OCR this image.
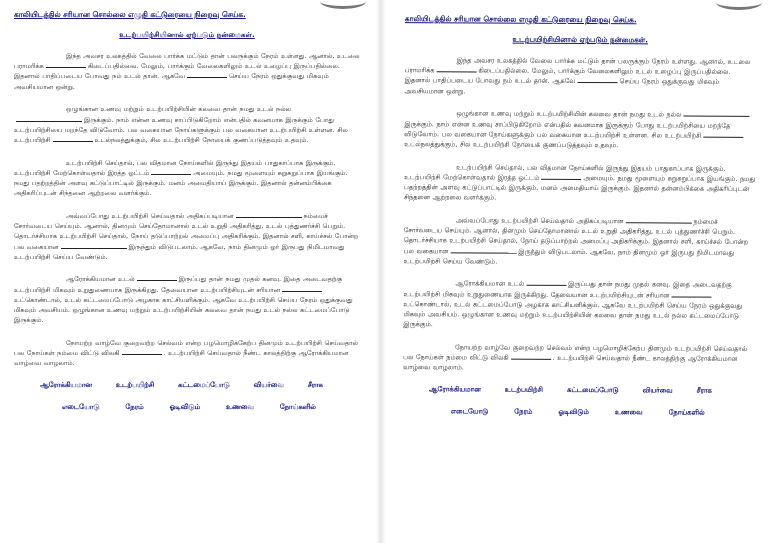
காலியிடத்தில் சரியான சொல்லை எழுதி கட்டுரையை நிறைவு செய்க.
உடற்பயிற்சியினால் ஏற்படும் நன்மைகள்.

இந்த அவசர உலகத்தில் வேலை பார்க்க மட்டும் தான் பலருக்கும் நேரம் உள்ளது. ஆனால், உடலை பராமரிக்க	கிடைப்பதில்லை. மேலும், பார்க்கும் வேலைகளிலும் உடல் உழைப்பு இருப்பதில்லை. இதனால் பாதிப்படைய போவது நம் உடல் தான். ஆகவே	செய்ய நேரம் ஒதுக்குவது மிகவும் அவசியமான ஒன்று.

ஒழுங்கான உணவு மற்றும் உடற்பயிற்சியின் கலவை தான் நமது உடல் நல்லஇருக்கும். நாம் என்ன உணவு சாப்பிடுகிறோம் என்பதில் கவனமாக இருக்கும் போது உடற்பயிற்சியை மறந்தே விடுவோம். பல வகையான நோய்களுக்கும் பல வகையான உடற்பயிற்சி உள்ளன. சில உடற்பயிற்சி	உடல்நலத்துக்கும், சில உடற்பயிற்சி நோயைக் குணப்படுத்தவும் உதவும்.

உடற்பயிற்சி செய்தால், பல விதமான நோய்களில் இருந்து இதயம் பாதுகாப்பாக இருக்கும். உடற்பயிற்சி மேற்கொள்வதால் இரத்த ஓட்டம்	அமையும். நமது மூளையும் சுறுசுறுப்பாக இயங்கும். நமது பதற்றத்தின் அளவு கட்டுப்பாட்டில் இருக்கும். மனம் அமைதியாய் இருக்கும். இதனால் தன்னம்பிக்கை அதிகரிப்புடன் சிந்தனை ஆற்றலை வளர்க்கும்.

அவ்வப்போது உடற்பயிற்சி செய்வதால் அதிகப்படியான	நம்மைச் சோர்வடைய செய்யும். ஆனால், தினமும் செய்தோமானால் உடல் உறுதி அதிகரித்து, உடல் புத்துணர்ச்சி பெறும். தொடர்ச்சியாக உடற்பயிற்சி செய்தால், நோய் தடுப்பாற்றல் அமைப்பு அதிகரிக்கும். இதனால் சளி, காய்ச்சல் போன்ற பல வகையான	இருந்தும் விடுபடலாம். ஆகவே, நாம் தினமும் ஓர் இருபது நிமிடமாவது உடற்பயிற்சி செய்ய வேண்டும்.

ஆரோக்கியமான உடல்	இருப்பது தான் நமது முதல் கனவு. இதை அடைவதற்கு உடற்பயிற்சி மிகவும் உறுதுணையாக இருக்கிறது. தேவையான உடற்பயிற்சியுடன் சரியானஉட்கொண்டால், உடல் கட்டமைப்போடு அழகாக காட்சியளிக்கும். ஆகவே உடற்பயிற்சி செய்ய நேரம் ஒதுக்குவது மிகவும் அவசியம். ஒழுங்கான உணவு மற்றும் உடற்பயிற்சியின் கலவை தான் நமது உடல் நல்ல கட்டமைப்போடு இருக்கும்.

நோயற்ற வாழ்வே குறைவற்ற செல்வம் என்ற பழமொழிக்கேற்ப தினமும் உடற்பயிற்சி செய்வதால் பல நோய்கள் நம்மை விட்டு விலகி	. உடற்பயிற்சி செய்வதால் நீண்ட காலத்திற்கு ஆரோக்கியமான வாழ்வை வாழலாம்.

ஆரோக்கியமான	உடற்பயிற்சி	கட்டமைப்போடு	வியர்வை	சீராக
எடையோடு	நேரம்	ஓடிவிடும்	உணவை	நோய்களில்
காலியிடத்தில் சரியான சொல்லை எழுதி கட்டுரையை நிறைவு செய்க.
உடற்பயிற்சியினால் ஏற்படும் நன்மைகள்.

இந்த அவசர உலகத்தில் வேலை பார்க்க மட்டும் தான் பலருக்கும் நேரம் உள்ளது. ஆனால், உடலை பராமரிக்க	கிடைப்பதில்லை. மேலும், பார்க்கும் வேலைகளிலும் உடல் உழைப்பு இருப்பதில்லை. இதனால் பாதிப்படைய போவது நம் உடல் தான். ஆகவே	செய்ய நேரம் ஒதுக்குவது மிகவும் அவசியமான ஒன்று.

ஒழுங்கான உணவு மற்றும் உடற்பயிற்சியின் கலவை தான் நமது உடல் நல்லஇருக்கும். நாம் என்ன உணவு சாப்பிடுகிறோம் என்பதில் கவனமாக இருக்கும் போது உடற்பயிற்சியை மறந்தே விடுவோம். பல வகையான நோய்களுக்கும் பல வகையான உடற்பயிற்சி உள்ளன. சில உடற்பயிற்சிஉடல்நலத்துக்கும், சில உடற்பயிற்சி நோயைக் குணப்படுத்தவும் உதவும்.

உடற்பயிற்சி செய்தால், பல விதமான நோய்களில் இருந்து இதயம் பாதுகாப்பாக இருக்கும். உடற்பயிற்சி மேற்கொள்வதால் இரத்த ஓட்டம்	அமையும். நமது மூளையும் சுறுசுறுப்பாக இயங்கும். நமது பதற்றத்தின் அளவு கட்டுப்பாட்டில் இருக்கும். மனம் அமைதியாய் இருக்கும். இதனால் தன்னம்பிக்கை அதிகரிப்புடன் சிந்தனை ஆற்றலை வளர்க்கும்.

அவ்வப்போது உடற்பயிற்சி செய்வதால் அதிகப்படியான	நம்மைச் சோர்வடைய செய்யும். ஆனால், தினமும் செய்தோமானால் உடல் உறுதி அதிகரித்து, உடல் புத்துணர்ச்சி பெறும். தொடர்ச்சியாக உடற்பயிற்சி செய்தால், நோய் தடுப்பாற்றல் அமைப்பு அதிகரிக்கும். இதனால் சளி, காய்ச்சல் போன்ற பல வகையான	இருந்தும் விடுபடலாம். ஆகவே, நாம் தினமும் ஓர் இருபது நிமிடமாவது உடற்பயிற்சி செய்ய வேண்டும்.

ஆரோக்கியமான உடல்	இருப்பது தான் நமது முதல் கனவு. இதை அடைவதற்கு உடற்பயிற்சி மிகவும் உறுதுணையாக இருக்கிறது. தேவையான உடற்பயிற்சியுடன் சரியானஉட்கொண்டால், உடல் கட்டமைப்போடு அழகாக காட்சியளிக்கும். ஆகவே உடற்பயிற்சி செய்ய நேரம் ஒதுக்குவது மிகவும் அவசியம். ஒழுங்கான உணவு மற்றும் உடற்பயிற்சியின் கலவை தான் நமது உடல் நல்ல கட்டமைப்போடு இருக்கும்.

நோயற்ற வாழ்வே குறைவற்ற செல்வம் என்ற பழமொழிக்கேற்ப தினமும் உடற்பயிற்சி செய்வதால் பல நோய்கள் நம்மை விட்டு விலகி	. உடற்பயிற்சி செய்வதால் நீண்ட காலத்திற்கு ஆரோக்கியமான வாழ்வை வாழலாம்.

ஆரோக்கியமான	உடற்பயிற்சி	கட்டமைப்போடு	வியர்வை	சீராக
எடையோடு	நேரம்	ஓடிவிடும்	உணவை	நோய்களில்
